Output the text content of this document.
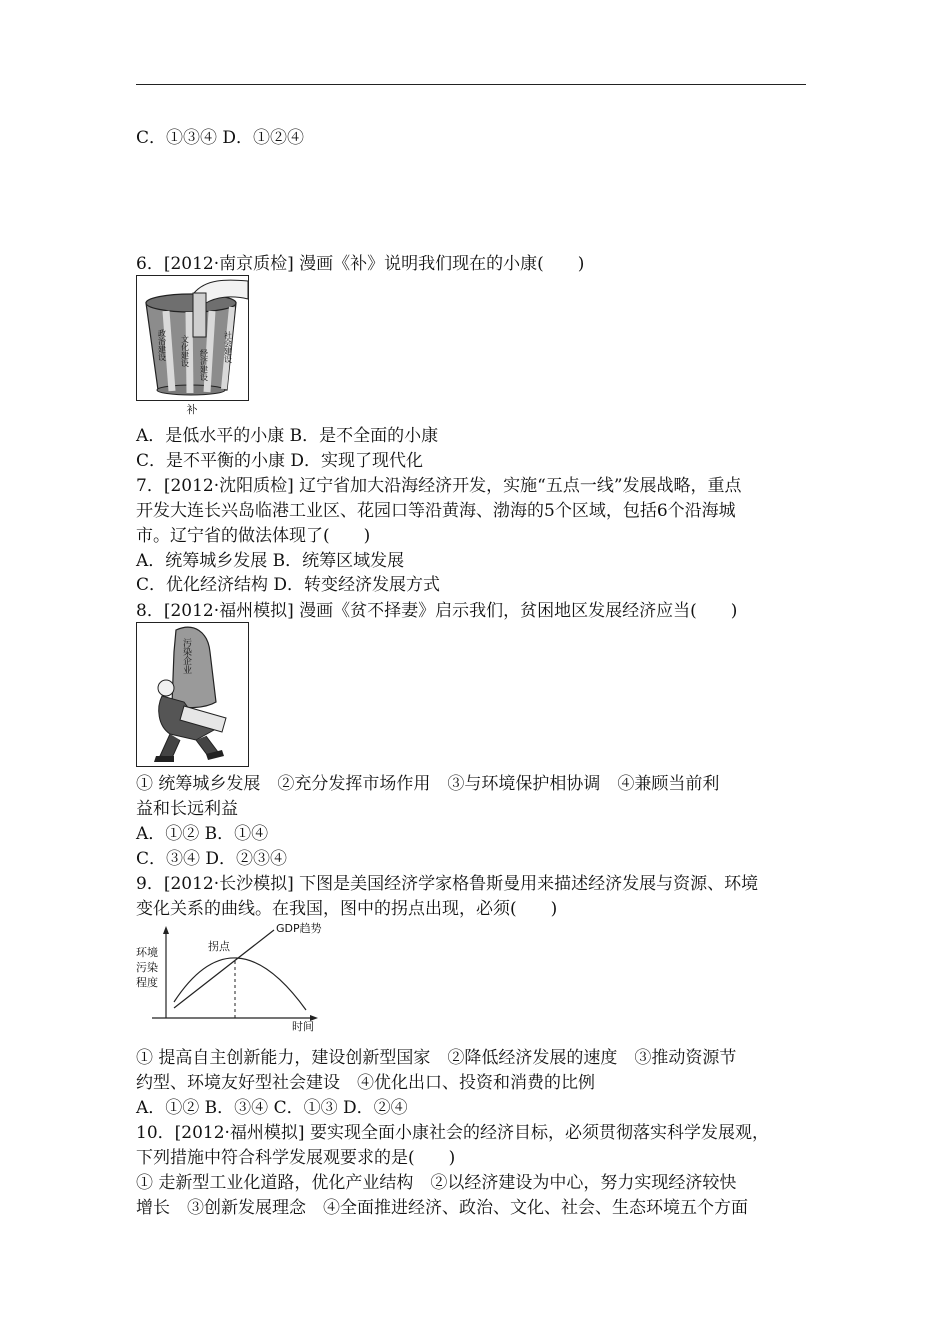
C．①③④ D．①②④
6．[2012·南京质检] 漫画《补》说明我们现在的小康(　　)
政治建设 文化建设 经济建设
社会建设
补
A．是低水平的小康 B．是不全面的小康
C．是不平衡的小康 D．实现了现代化
7．[2012·沈阳质检] 辽宁省加大沿海经济开发，实施“五点一线”发展战略，重点
开发大连长兴岛临港工业区、花园口等沿黄海、渤海的5个区域，包括6个沿海城
市。辽宁省的做法体现了(　　)
A．统筹城乡发展 B．统筹区域发展
C．优化经济结构 D．转变经济发展方式
8．[2012·福州模拟] 漫画《贫不择妻》启示我们，贫困地区发展经济应当(　　)
污染企业
① 统筹城乡发展　②充分发挥市场作用　③与环境保护相协调　④兼顾当前利
益和长远利益
A．①② B．①④
C．③④ D．②③④
9．[2012·长沙模拟] 下图是美国经济学家格鲁斯曼用来描述经济发展与资源、环境
变化关系的曲线。在我国，图中的拐点出现，必须(　　)
环境
污染
程度
GDP趋势
拐点
时间
① 提高自主创新能力，建设创新型国家　②降低经济发展的速度　③推动资源节
约型、环境友好型社会建设　④优化出口、投资和消费的比例
A．①② B．③④ C．①③ D．②④
10．[2012·福州模拟] 要实现全面小康社会的经济目标，必须贯彻落实科学发展观，
下列措施中符合科学发展观要求的是(　　)
① 走新型工业化道路，优化产业结构　②以经济建设为中心，努力实现经济较快
增长　③创新发展理念　④全面推进经济、政治、文化、社会、生态环境五个方面
